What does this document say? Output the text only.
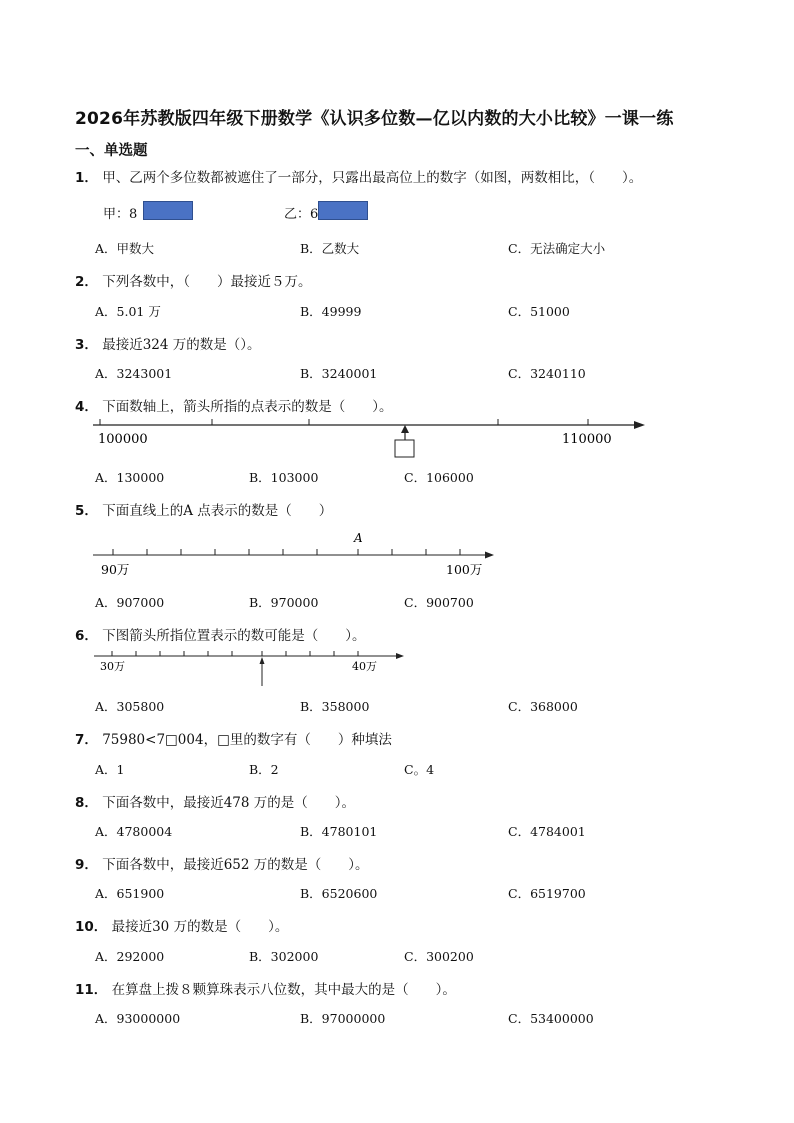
2026年苏教版四年级下册数学《认识多位数—亿以内数的大小比较》一课一练
一、单选题
1． 甲、乙两个多位数都被遮住了一部分，只露出最高位上的数字（如图，两数相比，（　　）。
甲：8	乙：6
A．甲数大	B．乙数大	C．无法确定大小
2． 下列各数中，（　　）最接近５万。
A．5.01 万	B．49999	C．51000
3． 最接近324 万的数是（）。
A．3243001	B．3240001	C．3240110
4． 下面数轴上，箭头所指的点表示的数是（　　）。
100000	110000
A．130000	B．103000	C．106000
5． 下面直线上的A 点表示的数是（　　）
A
90万	100万
A．907000	B．970000	C．900700
6． 下图箭头所指位置表示的数可能是（　　）。
30万	40万
A．305800	B．358000	C．368000
7． 75980<7□004，□里的数字有（　　）种填法
A．1	B．2	C。4
8． 下面各数中，最接近478 万的是（　　）。
A．4780004	B．4780101	C．4784001
9． 下面各数中，最接近652 万的数是（　　）。
A．651900	B．6520600	C．6519700
10． 最接近30 万的数是（　　）。
A．292000	B．302000	C．300200
11． 在算盘上拨８颗算珠表示八位数，其中最大的是（　　）。
A．93000000	B．97000000	C．53400000
